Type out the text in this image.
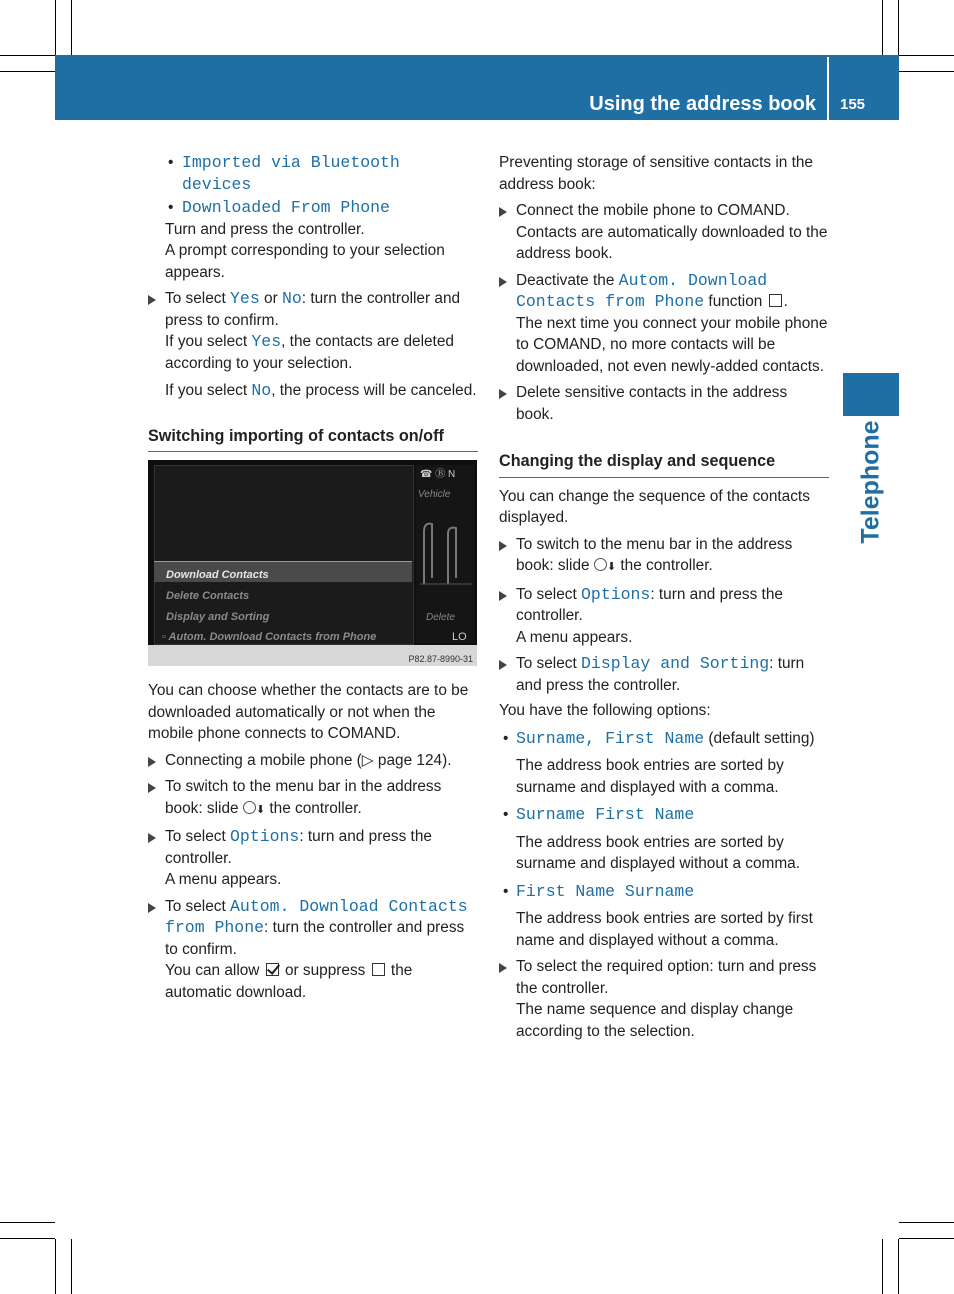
Using the address book 155
Telephone
• Imported via Bluetooth devices
• Downloaded From Phone

Turn and press the controller.

A prompt corresponding to your selection appears.

To select Yes or No: turn the controller and press to confirm.

If you select Yes, the contacts are deleted according to your selection.

If you select No, the process will be canceled.

Switching importing of contacts on/off
Download Contacts
Delete Contacts
Display and Sorting
▫ Autom. Download Contacts from Phone
☎ Ⓑ N
Vehicle
Delete
LO
P82.87-8990-31

You can choose whether the contacts are to be downloaded automatically or not when the mobile phone connects to COMAND.

Connecting a mobile phone (▷ page 124).
To switch to the menu bar in the address book: slide ⬇ the controller.
To select Options: turn and press the controller.

A menu appears.

To select Autom. Download Contacts from Phone: turn the controller and press to confirm.

You can allow  or suppress  the automatic download.

Preventing storage of sensitive contacts in the address book:

Connect the mobile phone to COMAND.

Contacts are automatically downloaded to the address book.

Deactivate the Autom. Download Contacts from Phone function .

The next time you connect your mobile phone to COMAND, no more contacts will be downloaded, not even newly-added contacts.

Delete sensitive contacts in the address book.
Changing the display and sequence

You can change the sequence of the contacts displayed.

To switch to the menu bar in the address book: slide ⬇ the controller.
To select Options: turn and press the controller.

A menu appears.

To select Display and Sorting: turn and press the controller.

You have the following options:

• Surname, First Name (default setting)

The address book entries are sorted by surname and displayed with a comma.

• Surname First Name

The address book entries are sorted by surname and displayed without a comma.

• First Name Surname

The address book entries are sorted by first name and displayed without a comma.

To select the required option: turn and press the controller.

The name sequence and display change according to the selection.
